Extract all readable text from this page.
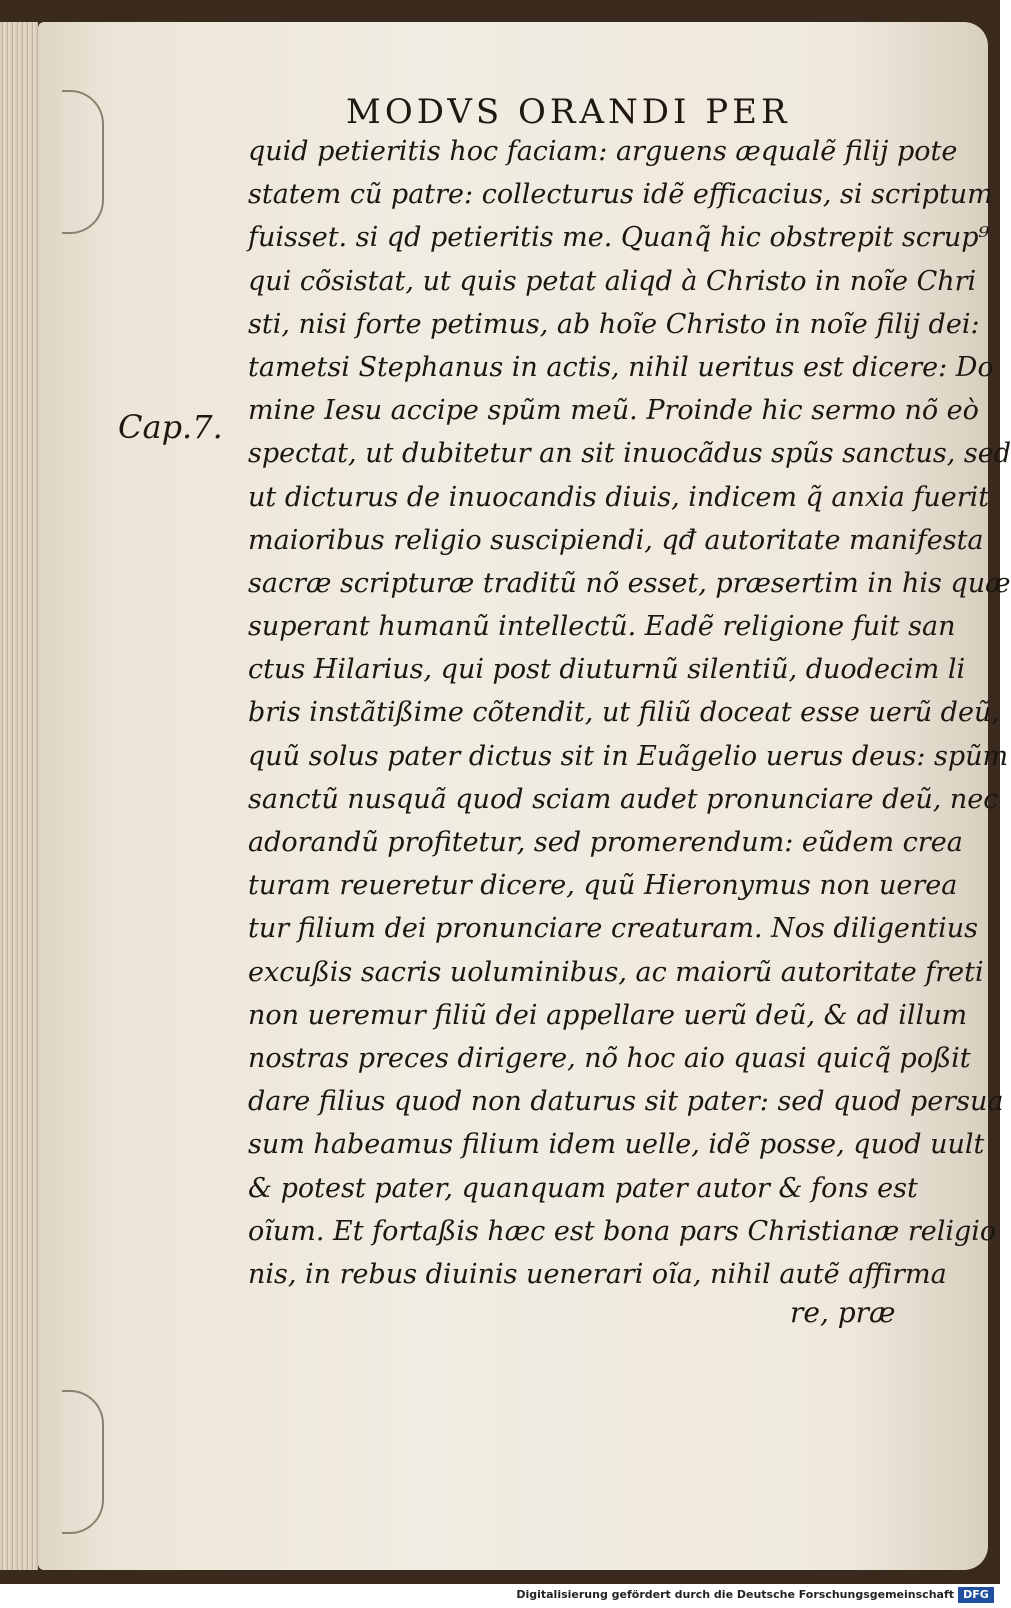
MODVS ORANDI PER
Cap.7.
quid petieritis hoc faciam: arguens æqualẽ filij pote
statem cũ patre: collecturus idẽ efficacius, si scriptum
fuisset. si qd petieritis me. Quanq̃ hic obstrepit scrup⁹
qui cõsistat, ut quis petat aliqd à Christo in noĩe Chri
sti, nisi forte petimus, ab hoĩe Christo in noĩe filij dei:
tametsi Stephanus in actis, nihil ueritus est dicere: Do
mine Iesu accipe spũm meũ. Proinde hic sermo nõ eò
spectat, ut dubitetur an sit inuocãdus spũs sanctus, sed
ut dicturus de inuocandis diuis, indicem q̃ anxia fuerit
maioribus religio suscipiendi, qđ autoritate manifesta
sacræ scripturæ traditũ nõ esset, præsertim in his quæ
superant humanũ intellectũ. Eadẽ religione fuit san
ctus Hilarius, qui post diuturnũ silentiũ, duodecim li
bris instãtißime cõtendit, ut filiũ doceat esse uerũ deũ,
quũ solus pater dictus sit in Euãgelio uerus deus: spũm
sanctũ nusquã quod sciam audet pronunciare deũ, nec
adorandũ profitetur, sed promerendum: eũdem crea
turam reueretur dicere, quũ Hieronymus non uerea
tur filium dei pronunciare creaturam. Nos diligentius
excußis sacris uoluminibus, ac maiorũ autoritate freti
non ueremur filiũ dei appellare uerũ deũ, & ad illum
nostras preces dirigere, nõ hoc aio quasi quicq̃ poßit
dare filius quod non daturus sit pater: sed quod persua
sum habeamus filium idem uelle, idẽ posse, quod uult
& potest pater, quanquam pater autor & fons est
oĩum. Et fortaßis hæc est bona pars Christianæ religio
nis, in rebus diuinis uenerari oĩa, nihil autẽ affirma
re, præ
Digitalisierung gefördert durch die Deutsche Forschungsgemeinschaft DFG
